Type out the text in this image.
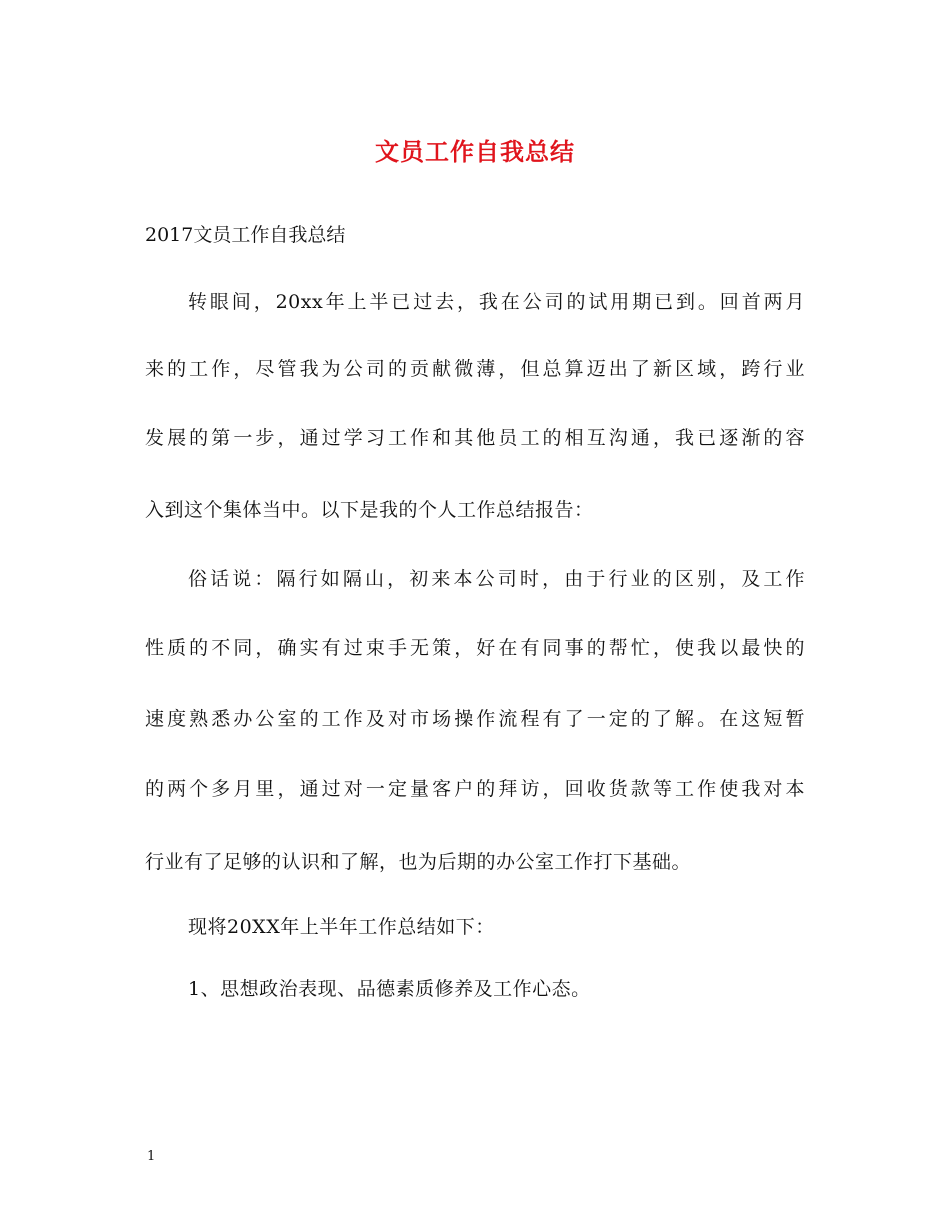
文员工作自我总结
2017文员工作自我总结
转眼间，20xx年上半已过去，我在公司的试用期已到。回首两月
来的工作，尽管我为公司的贡献微薄，但总算迈出了新区域，跨行业
发展的第一步，通过学习工作和其他员工的相互沟通，我已逐渐的容
入到这个集体当中。以下是我的个人工作总结报告：
俗话说：隔行如隔山，初来本公司时，由于行业的区别，及工作
性质的不同，确实有过束手无策，好在有同事的帮忙，使我以最快的
速度熟悉办公室的工作及对市场操作流程有了一定的了解。在这短暂
的两个多月里，通过对一定量客户的拜访，回收货款等工作使我对本
行业有了足够的认识和了解，也为后期的办公室工作打下基础。
现将20XX年上半年工作总结如下：
1、思想政治表现、品德素质修养及工作心态。
1
